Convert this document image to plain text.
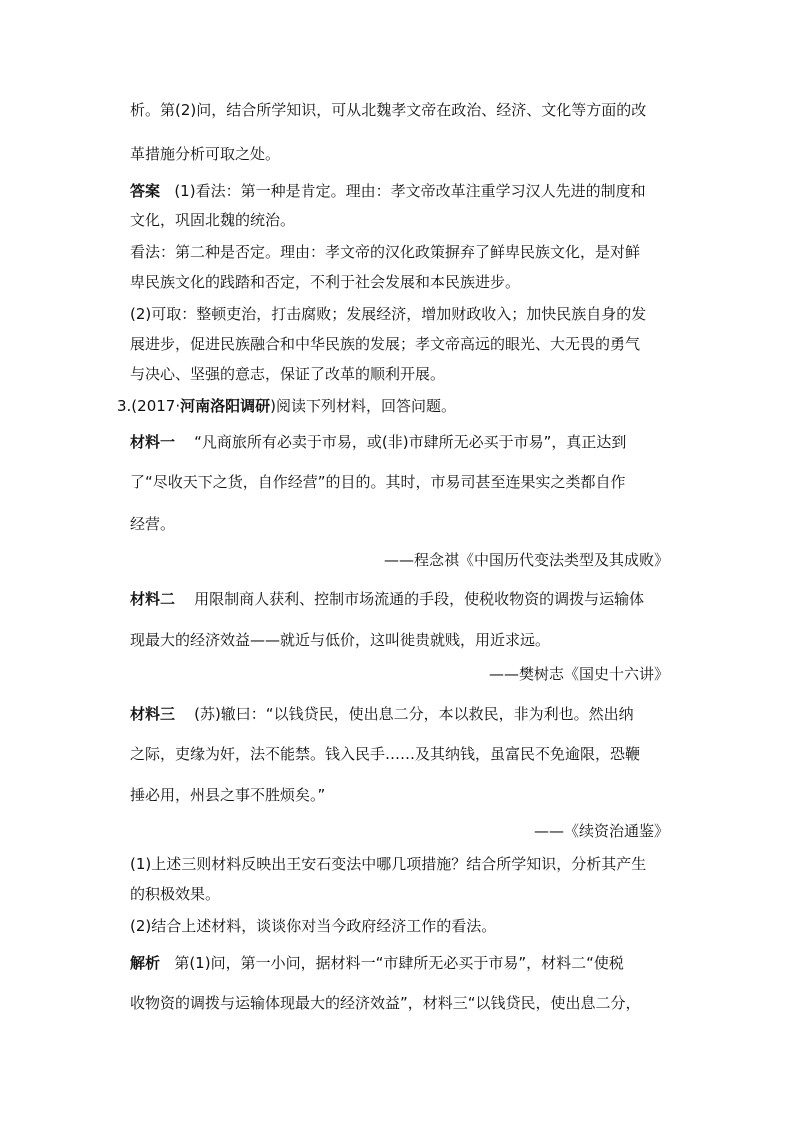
析。第(2)问，结合所学知识，可从北魏孝文帝在政治、经济、文化等方面的改
革措施分析可取之处。
答案 (1)看法：第一种是肯定。理由：孝文帝改革注重学习汉人先进的制度和
文化，巩固北魏的统治。
看法：第二种是否定。理由：孝文帝的汉化政策摒弃了鲜卑民族文化，是对鲜
卑民族文化的践踏和否定，不利于社会发展和本民族进步。
(2)可取：整顿吏治，打击腐败；发展经济，增加财政收入；加快民族自身的发
展进步，促进民族融合和中华民族的发展；孝文帝高远的眼光、大无畏的勇气
与决心、坚强的意志，保证了改革的顺利开展。
3.(2017·河南洛阳调研)阅读下列材料，回答问题。
材料一 “凡商旅所有必卖于市易，或(非)市肆所无必买于市易”，真正达到
了“尽收天下之货，自作经营”的目的。其时，市易司甚至连果实之类都自作
经营。
——程念祺《中国历代变法类型及其成败》
材料二 用限制商人获利、控制市场流通的手段，使税收物资的调拨与运输体
现最大的经济效益——就近与低价，这叫徙贵就贱，用近求远。
——樊树志《国史十六讲》
材料三 (苏)辙曰：“以钱贷民，使出息二分，本以救民，非为利也。然出纳
之际，吏缘为奸，法不能禁。钱入民手……及其纳钱，虽富民不免逾限，恐鞭
捶必用，州县之事不胜烦矣。”
——《续资治通鉴》
(1)上述三则材料反映出王安石变法中哪几项措施？结合所学知识，分析其产生
的积极效果。
(2)结合上述材料，谈谈你对当今政府经济工作的看法。
解析 第(1)问，第一小问，据材料一“市肆所无必买于市易”，材料二“使税
收物资的调拨与运输体现最大的经济效益”，材料三“以钱贷民，使出息二分，
